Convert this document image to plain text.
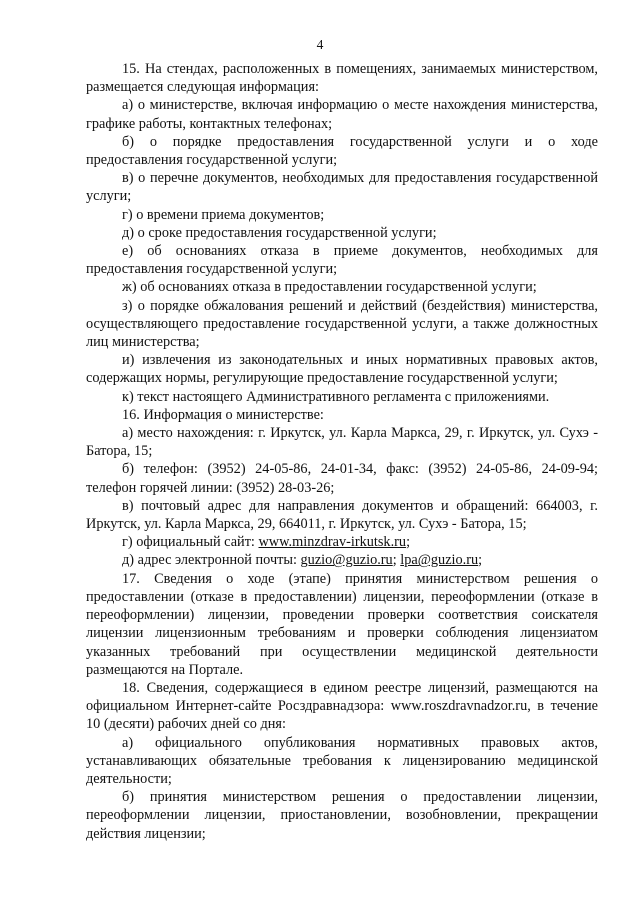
4

15. На стендах, расположенных в помещениях, занимаемых министерством, размещается следующая информация:

а) о министерстве, включая информацию о месте нахождения министерства, графике работы, контактных телефонах;

б) о порядке предоставления государственной услуги и о ходе предоставления государственной услуги;

в) о перечне документов, необходимых для предоставления государственной услуги;

г) о времени приема документов;

д) о сроке предоставления государственной услуги;

е) об основаниях отказа в приеме документов, необходимых для предоставления государственной услуги;

ж) об основаниях отказа в предоставлении государственной услуги;

з) о порядке обжалования решений и действий (бездействия) министерства, осуществляющего предоставление государственной услуги, а также должностных лиц министерства;

и) извлечения из законодательных и иных нормативных правовых актов, содержащих нормы, регулирующие предоставление государственной услуги;

к) текст настоящего Административного регламента с приложениями.

16. Информация о министерстве:

а) место нахождения: г. Иркутск, ул. Карла Маркса, 29, г. Иркутск, ул. Сухэ - Батора, 15;

б) телефон: (3952) 24-05-86, 24-01-34, факс: (3952) 24-05-86, 24-09-94; телефон горячей линии: (3952) 28-03-26;

в) почтовый адрес для направления документов и обращений: 664003, г. Иркутск, ул. Карла Маркса, 29, 664011, г. Иркутск, ул. Сухэ - Батора, 15;

г) официальный сайт: www.minzdrav-irkutsk.ru;

д) адрес электронной почты: guzio@guzio.ru; lpa@guzio.ru;

17. Сведения о ходе (этапе) принятия министерством решения о предоставлении (отказе в предоставлении) лицензии, переоформлении (отказе в переоформлении) лицензии, проведении проверки соответствия соискателя лицензии лицензионным требованиям и проверки соблюдения лицензиатом указанных требований при осуществлении медицинской деятельности размещаются на Портале.

18. Сведения, содержащиеся в едином реестре лицензий, размещаются на официальном Интернет-сайте Росздравнадзора: www.roszdravnadzor.ru, в течение 10 (десяти) рабочих дней со дня:

а) официального опубликования нормативных правовых актов, устанавливающих обязательные требования к лицензированию медицинской деятельности;

б) принятия министерством решения о предоставлении лицензии, переоформлении лицензии, приостановлении, возобновлении, прекращении действия лицензии;
